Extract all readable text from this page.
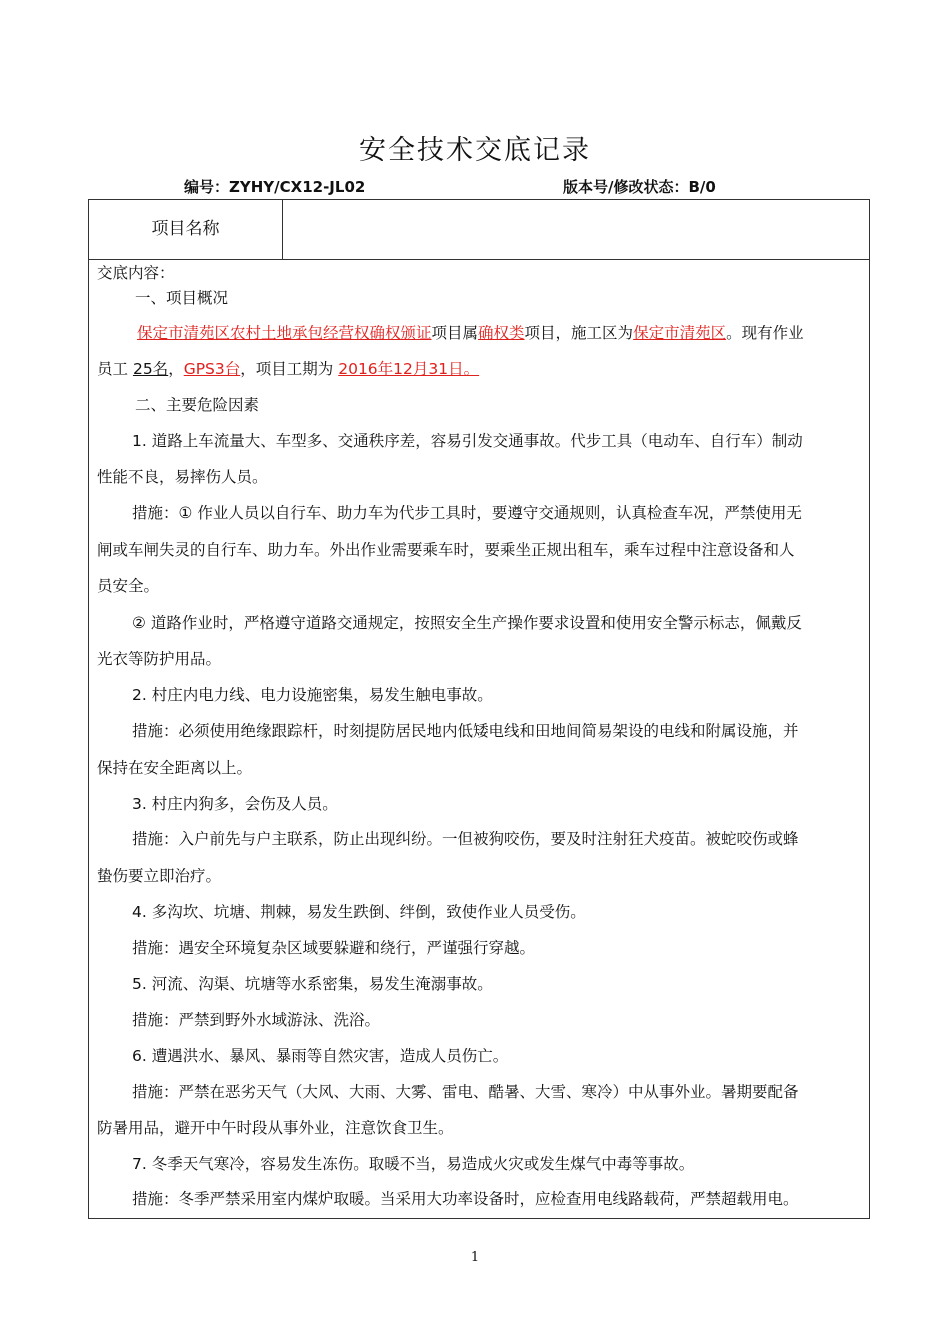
安全技术交底记录
编号：ZYHY/CX12-JL02	版本号/修改状态：B/0
项目名称
交底内容：
一、项目概况
保定市清苑区农村土地承包经营权确权颁证项目属确权类项目，施工区为保定市清苑区。现有作业
员工 25名，GPS3台，项目工期为 2016年12月31日。
二、主要危险因素
1. 道路上车流量大、车型多、交通秩序差，容易引发交通事故。代步工具（电动车、自行车）制动
性能不良，易摔伤人员。
措施：① 作业人员以自行车、助力车为代步工具时，要遵守交通规则，认真检查车况，严禁使用无
闸或车闸失灵的自行车、助力车。外出作业需要乘车时，要乘坐正规出租车，乘车过程中注意设备和人
员安全。
② 道路作业时，严格遵守道路交通规定，按照安全生产操作要求设置和使用安全警示标志，佩戴反
光衣等防护用品。
2. 村庄内电力线、电力设施密集，易发生触电事故。
措施：必须使用绝缘跟踪杆，时刻提防居民地内低矮电线和田地间简易架设的电线和附属设施，并
保持在安全距离以上。
3. 村庄内狗多，会伤及人员。
措施：入户前先与户主联系，防止出现纠纷。一但被狗咬伤，要及时注射狂犬疫苗。被蛇咬伤或蜂
蛰伤要立即治疗。
4. 多沟坎、坑塘、荆棘，易发生跌倒、绊倒，致使作业人员受伤。
措施：遇安全环境复杂区域要躲避和绕行，严谨强行穿越。
5. 河流、沟渠、坑塘等水系密集，易发生淹溺事故。
措施：严禁到野外水域游泳、洗浴。
6. 遭遇洪水、暴风、暴雨等自然灾害，造成人员伤亡。
措施：严禁在恶劣天气（大风、大雨、大雾、雷电、酷暑、大雪、寒冷）中从事外业。暑期要配备
防暑用品，避开中午时段从事外业，注意饮食卫生。
7. 冬季天气寒冷，容易发生冻伤。取暖不当，易造成火灾或发生煤气中毒等事故。
措施：冬季严禁采用室内煤炉取暖。当采用大功率设备时，应检查用电线路载荷，严禁超载用电。
1
